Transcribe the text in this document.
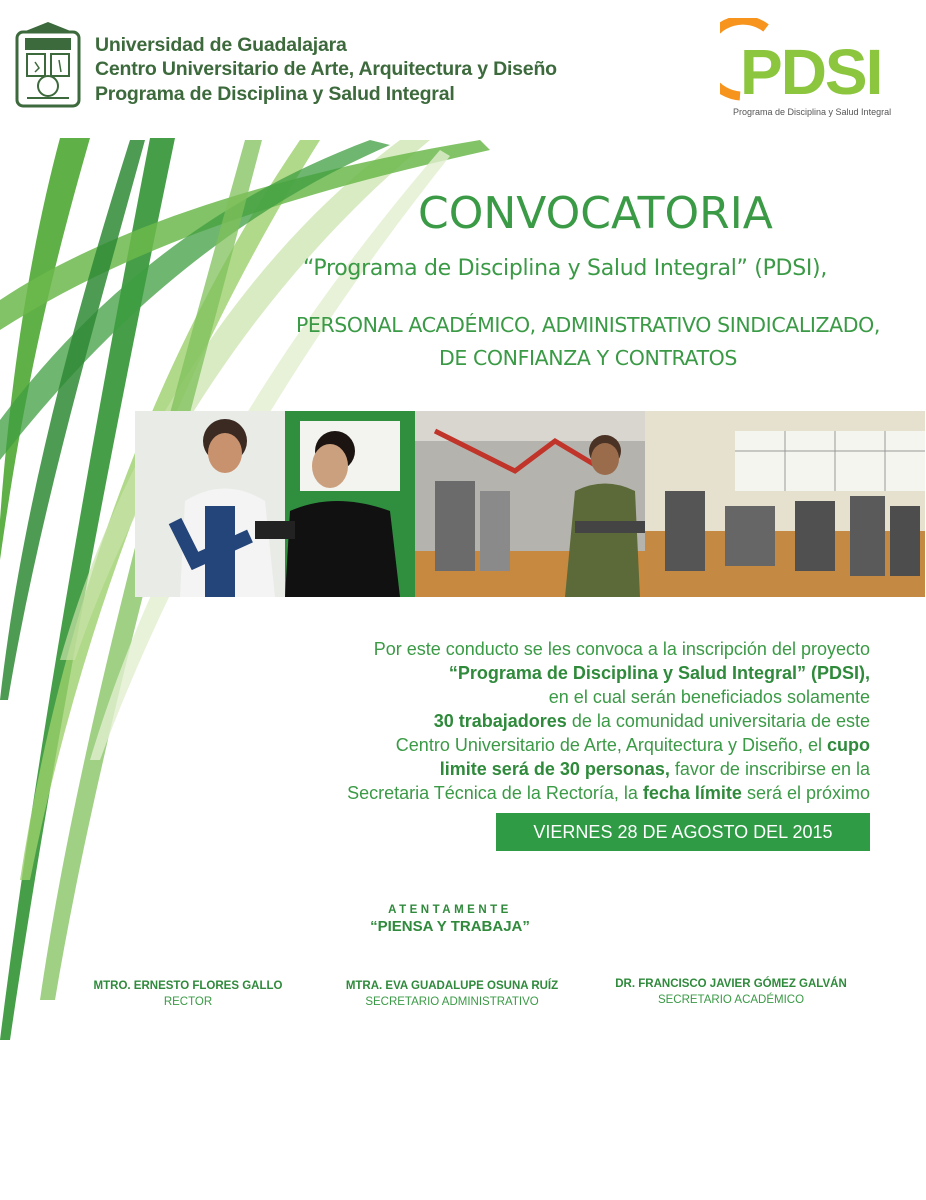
Universidad de Guadalajara
Centro Universitario de Arte, Arquitectura y Diseño
Programa de Disciplina y Salud Integral	PDSI
Programa de Disciplina y Salud Integral
CONVOCATORIA
“Programa de Disciplina y Salud Integral” (PDSI),
PERSONAL ACADÉMICO, ADMINISTRATIVO SINDICALIZADO,
DE CONFIANZA Y CONTRATOS
Por este conducto se les convoca a la inscripción del proyecto
“Programa de Disciplina y Salud Integral” (PDSI),
en el cual serán beneficiados solamente
30 trabajadores de la comunidad universitaria de este
Centro Universitario de Arte, Arquitectura y Diseño, el cupo
limite será de 30 personas, favor de inscribirse en la
Secretaria Técnica de la Rectoría, la fecha límite será el próximo
VIERNES 28 DE AGOSTO DEL 2015
ATENTAMENTE
“PIENSA Y TRABAJA”
MTRO. ERNESTO FLORES GALLO
RECTOR
MTRA. EVA GUADALUPE OSUNA RUÍZ
SECRETARIO ADMINISTRATIVO
DR. FRANCISCO JAVIER GÓMEZ GALVÁN
SECRETARIO ACADÉMICO
